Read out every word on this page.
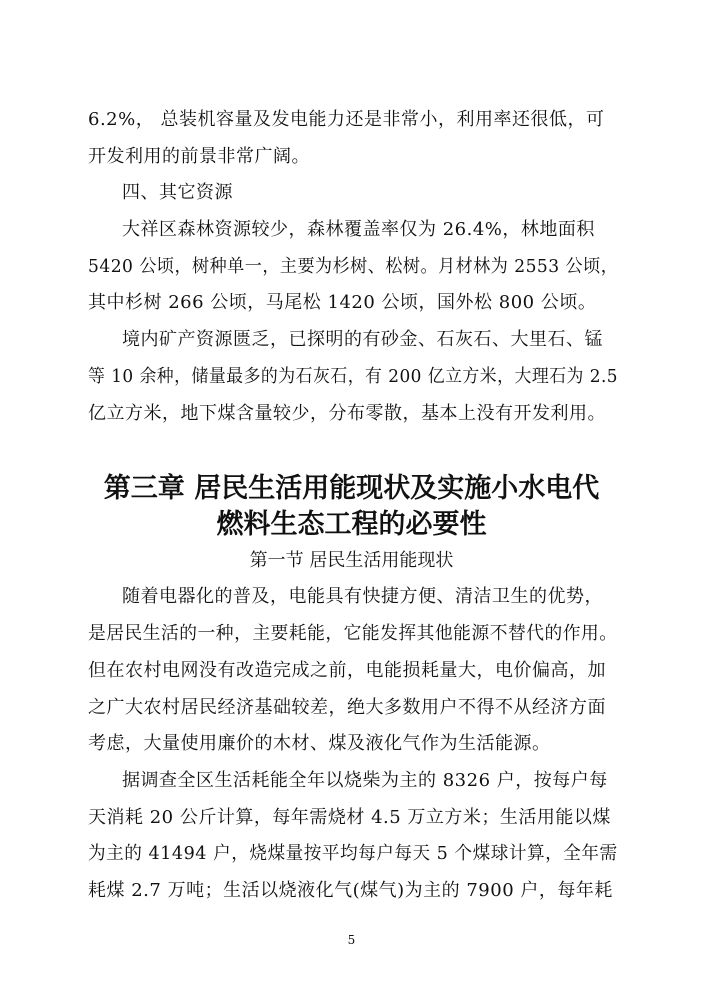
6.2%， 总装机容量及发电能力还是非常小，利用率还很低，可
开发利用的前景非常广阔。
四、其它资源
大祥区森林资源较少，森林覆盖率仅为 26.4%，林地面积
5420 公顷，树种单一，主要为杉树、松树。月材林为 2553 公顷，
其中杉树 266 公顷，马尾松 1420 公顷，国外松 800 公顷。
境内矿产资源匮乏，已探明的有砂金、石灰石、大里石、锰
等 10 余种，储量最多的为石灰石，有 200 亿立方米，大理石为 2.5
亿立方米，地下煤含量较少，分布零散，基本上没有开发利用。
第三章 居民生活用能现状及实施小水电代
燃料生态工程的必要性
第一节 居民生活用能现状
随着电器化的普及，电能具有快捷方便、清洁卫生的优势，
是居民生活的一种，主要耗能，它能发挥其他能源不替代的作用。
但在农村电网没有改造完成之前，电能损耗量大，电价偏高，加
之广大农村居民经济基础较差，绝大多数用户不得不从经济方面
考虑，大量使用廉价的木材、煤及液化气作为生活能源。
据调查全区生活耗能全年以烧柴为主的 8326 户，按每户每
天消耗 20 公斤计算，每年需烧材 4.5 万立方米；生活用能以煤
为主的 41494 户，烧煤量按平均每户每天 5 个煤球计算，全年需
耗煤 2.7 万吨；生活以烧液化气(煤气)为主的 7900 户，每年耗
5
